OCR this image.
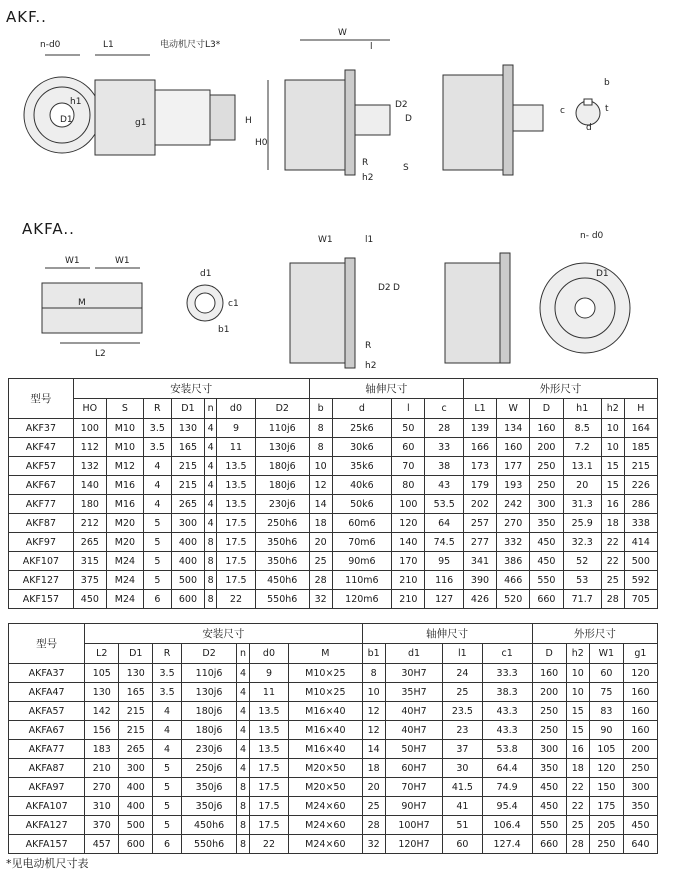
AKF..
n-d0	L1	电动机尺寸L3*
h1
D1	g1
W
l
H
H0
D2
D
R
h2
S
b
t
d
c
AKFA..
W1	W1
M
L2
d1
c1
b1
W1	l1
D2 D
R
h2
n- d0
D1
型号	安装尺寸							轴伸尺寸				外形尺寸					
	HO	S	R	D1	n	d0	D2	b	d	l	c	L1	W	D	h1	h2	H
AKF37	100	M10	3.5	130	4	9	110j6	8	25k6	50	28	139	134	160	8.5	10	164
AKF47	112	M10	3.5	165	4	11	130j6	8	30k6	60	33	166	160	200	7.2	10	185
AKF57	132	M12	4	215	4	13.5	180j6	10	35k6	70	38	173	177	250	13.1	15	215
AKF67	140	M16	4	215	4	13.5	180j6	12	40k6	80	43	179	193	250	20	15	226
AKF77	180	M16	4	265	4	13.5	230j6	14	50k6	100	53.5	202	242	300	31.3	16	286
AKF87	212	M20	5	300	4	17.5	250h6	18	60m6	120	64	257	270	350	25.9	18	338
AKF97	265	M20	5	400	8	17.5	350h6	20	70m6	140	74.5	277	332	450	32.3	22	414
AKF107	315	M24	5	400	8	17.5	350h6	25	90m6	170	95	341	386	450	52	22	500
AKF127	375	M24	5	500	8	17.5	450h6	28	110m6	210	116	390	466	550	53	25	592
AKF157	450	M24	6	600	8	22	550h6	32	120m6	210	127	426	520	660	71.7	28	705
型号	安装尺寸							轴伸尺寸				外形尺寸			
	L2	D1	R	D2	n	d0	M	b1	d1	l1	c1	D	h2	W1	g1
AKFA37	105	130	3.5	110j6	4	9	M10×25	8	30H7	24	33.3	160	10	60	120
AKFA47	130	165	3.5	130j6	4	11	M10×25	10	35H7	25	38.3	200	10	75	160
AKFA57	142	215	4	180j6	4	13.5	M16×40	12	40H7	23.5	43.3	250	15	83	160
AKFA67	156	215	4	180j6	4	13.5	M16×40	12	40H7	23	43.3	250	15	90	160
AKFA77	183	265	4	230j6	4	13.5	M16×40	14	50H7	37	53.8	300	16	105	200
AKFA87	210	300	5	250j6	4	17.5	M20×50	18	60H7	30	64.4	350	18	120	250
AKFA97	270	400	5	350j6	8	17.5	M20×50	20	70H7	41.5	74.9	450	22	150	300
AKFA107	310	400	5	350j6	8	17.5	M24×60	25	90H7	41	95.4	450	22	175	350
AKFA127	370	500	5	450h6	8	17.5	M24×60	28	100H7	51	106.4	550	25	205	450
AKFA157	457	600	6	550h6	8	22	M24×60	32	120H7	60	127.4	660	28	250	640
*见电动机尺寸表
